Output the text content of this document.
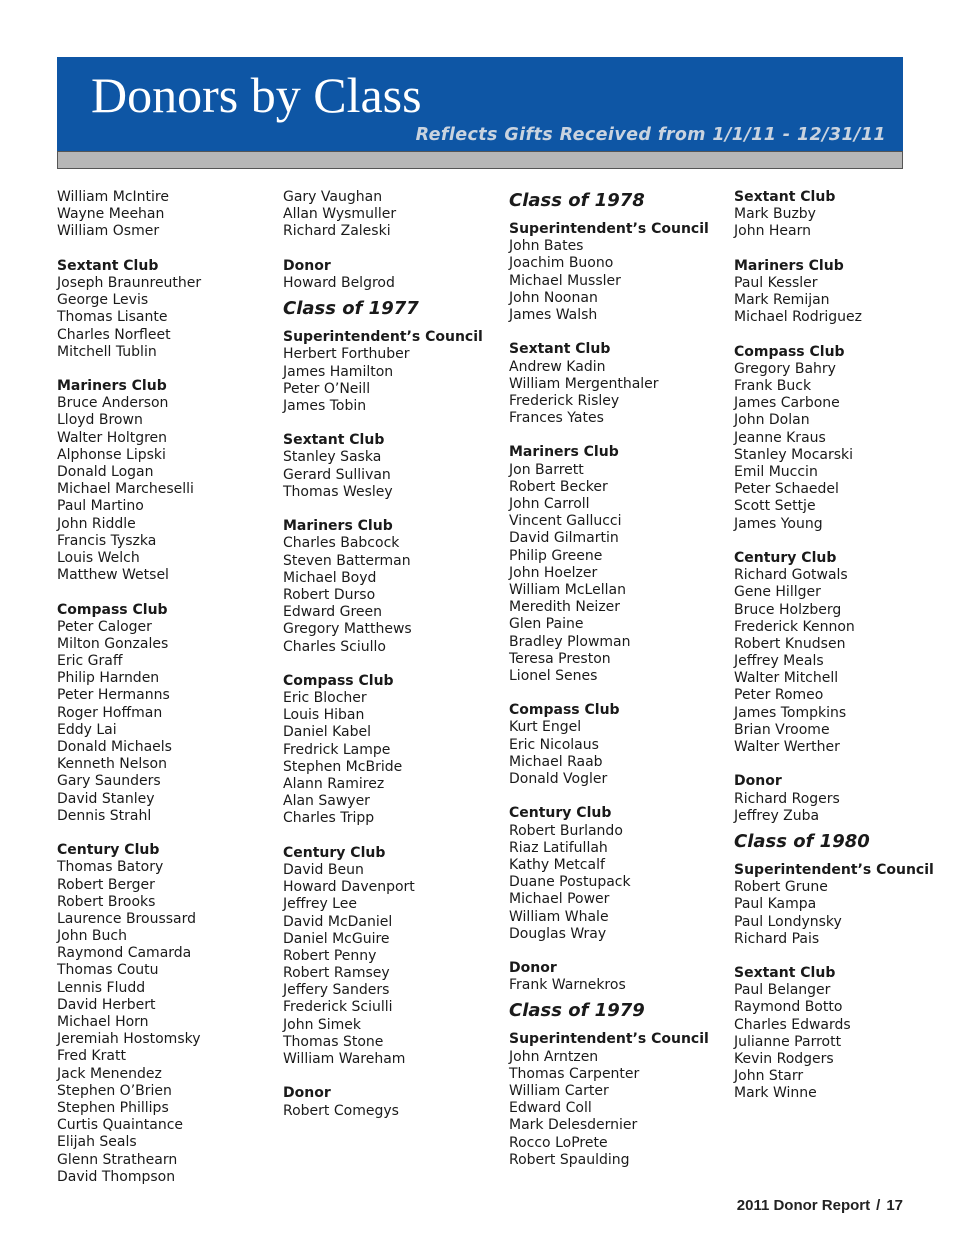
Donors by Class
Reflects Gifts Received from 1/1/11 - 12/31/11
William McIntire
Wayne Meehan
William Osmer
Sextant Club
Joseph Braunreuther
George Levis
Thomas Lisante
Charles Norfleet
Mitchell Tublin
Mariners Club
Bruce Anderson
Lloyd Brown
Walter Holtgren
Alphonse Lipski
Donald Logan
Michael Marcheselli
Paul Martino
John Riddle
Francis Tyszka
Louis Welch
Matthew Wetsel
Compass Club
Peter Caloger
Milton Gonzales
Eric Graff
Philip Harnden
Peter Hermanns
Roger Hoffman
Eddy Lai
Donald Michaels
Kenneth Nelson
Gary Saunders
David Stanley
Dennis Strahl
Century Club
Thomas Batory
Robert Berger
Robert Brooks
Laurence Broussard
John Buch
Raymond Camarda
Thomas Coutu
Lennis Fludd
David Herbert
Michael Horn
Jeremiah Hostomsky
Fred Kratt
Jack Menendez
Stephen O’Brien
Stephen Phillips
Curtis Quaintance
Elijah Seals
Glenn Strathearn
David Thompson
Gary Vaughan
Allan Wysmuller
Richard Zaleski
Donor
Howard Belgrod
Class of 1977
Superintendent’s Council
Herbert Forthuber
James Hamilton
Peter O’Neill
James Tobin
Sextant Club
Stanley Saska
Gerard Sullivan
Thomas Wesley
Mariners Club
Charles Babcock
Steven Batterman
Michael Boyd
Robert Durso
Edward Green
Gregory Matthews
Charles Sciullo
Compass Club
Eric Blocher
Louis Hiban
Daniel Kabel
Fredrick Lampe
Stephen McBride
Alann Ramirez
Alan Sawyer
Charles Tripp
Century Club
David Beun
Howard Davenport
Jeffrey Lee
David McDaniel
Daniel McGuire
Robert Penny
Robert Ramsey
Jeffery Sanders
Frederick Sciulli
John Simek
Thomas Stone
William Wareham
Donor
Robert Comegys
Class of 1978
Superintendent’s Council
John Bates
Joachim Buono
Michael Mussler
John Noonan
James Walsh
Sextant Club
Andrew Kadin
William Mergenthaler
Frederick Risley
Frances Yates
Mariners Club
Jon Barrett
Robert Becker
John Carroll
Vincent Gallucci
David Gilmartin
Philip Greene
John Hoelzer
William McLellan
Meredith Neizer
Glen Paine
Bradley Plowman
Teresa Preston
Lionel Senes
Compass Club
Kurt Engel
Eric Nicolaus
Michael Raab
Donald Vogler
Century Club
Robert Burlando
Riaz Latifullah
Kathy Metcalf
Duane Postupack
Michael Power
William Whale
Douglas Wray
Donor
Frank Warnekros
Class of 1979
Superintendent’s Council
John Arntzen
Thomas Carpenter
William Carter
Edward Coll
Mark Delesdernier
Rocco LoPrete
Robert Spaulding
Sextant Club
Mark Buzby
John Hearn
Mariners Club
Paul Kessler
Mark Remijan
Michael Rodriguez
Compass Club
Gregory Bahry
Frank Buck
James Carbone
John Dolan
Jeanne Kraus
Stanley Mocarski
Emil Muccin
Peter Schaedel
Scott Settje
James Young
Century Club
Richard Gotwals
Gene Hillger
Bruce Holzberg
Frederick Kennon
Robert Knudsen
Jeffrey Meals
Walter Mitchell
Peter Romeo
James Tompkins
Brian Vroome
Walter Werther
Donor
Richard Rogers
Jeffrey Zuba
Class of 1980
Superintendent’s Council
Robert Grune
Paul Kampa
Paul Londynsky
Richard Pais
Sextant Club
Paul Belanger
Raymond Botto
Charles Edwards
Julianne Parrott
Kevin Rodgers
John Starr
Mark Winne
2011 Donor Report / 17
